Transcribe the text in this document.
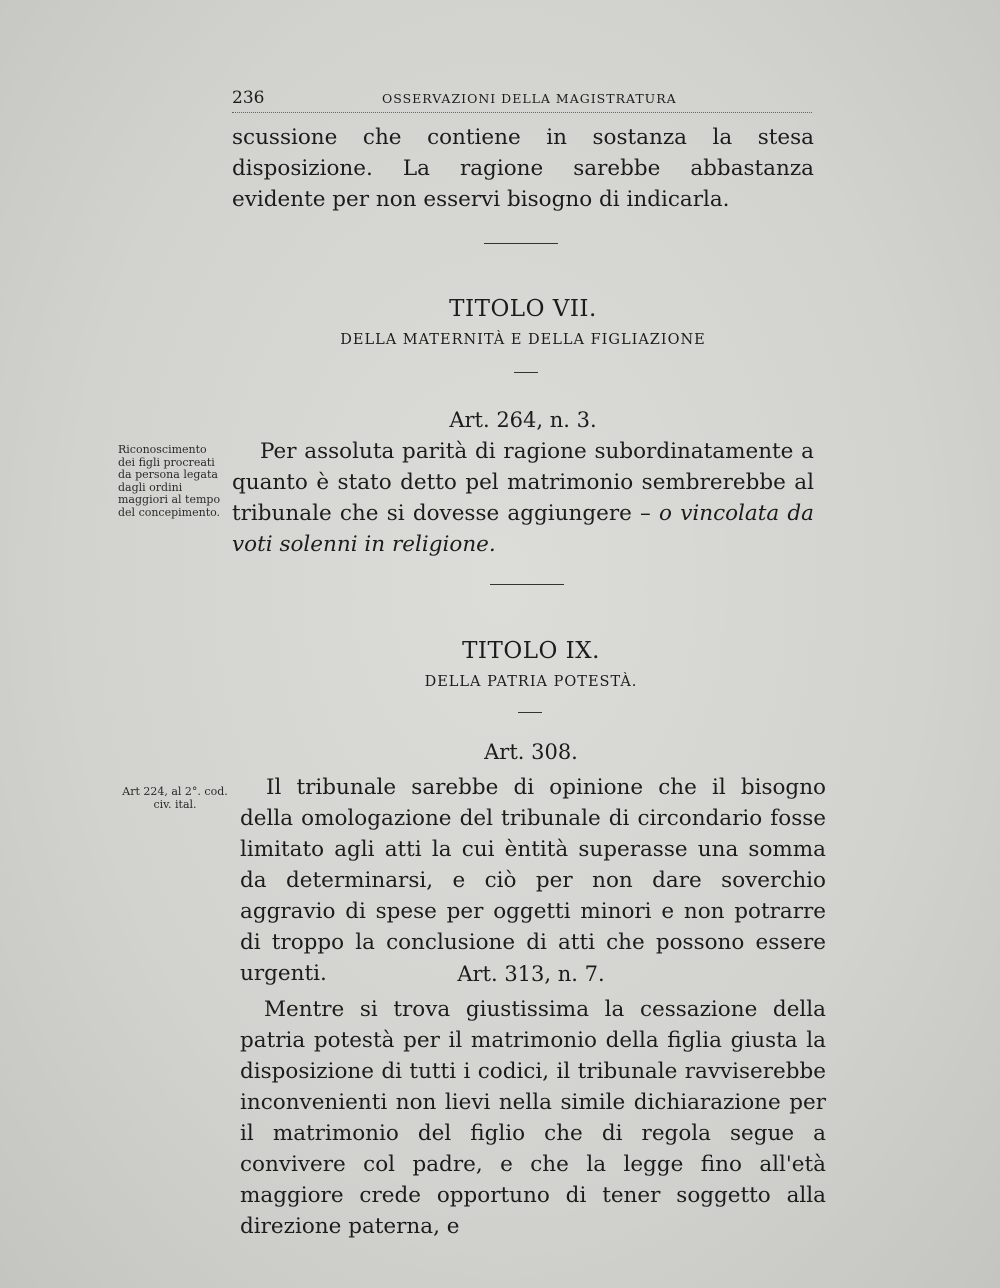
236	OSSERVAZIONI DELLA MAGISTRATURA

scussione che contiene in sostanza la stesa disposizione. La ragione sarebbe abbastanza evidente per non esservi bisogno di indicarla.

TITOLO VII.
DELLA MATERNITÀ E DELLA FIGLIAZIONE
Art. 264, n. 3.

Riconoscimento dei figli procreati da persona legata dagli ordini maggiori al tempo del concepimento.

Per assoluta parità di ragione subordinatamente a quanto è stato detto pel matrimonio sembrerebbe al tribunale che si dovesse aggiungere – o vincolata da voti solenni in religione.

TITOLO IX.
DELLA PATRIA POTESTÀ.
Art. 308.

Art 224, al 2°. cod. civ. ital.

Il tribunale sarebbe di opinione che il bisogno della omologazione del tribunale di circondario fosse limitato agli atti la cui èntità superasse una somma da determinarsi, e ciò per non dare soverchio aggravio di spese per oggetti minori e non potrarre di troppo la conclusione di atti che possono essere urgenti.	Art. 313, n. 7.

Mentre si trova giustissima la cessazione della patria potestà per il matrimonio della figlia giusta la disposizione di tutti i codici, il tribunale ravviserebbe inconvenienti non lievi nella simile dichiarazione per il matrimonio del figlio che di regola segue a convivere col padre, e che la legge fino all'età maggiore crede opportuno di tener soggetto alla direzione paterna, e
